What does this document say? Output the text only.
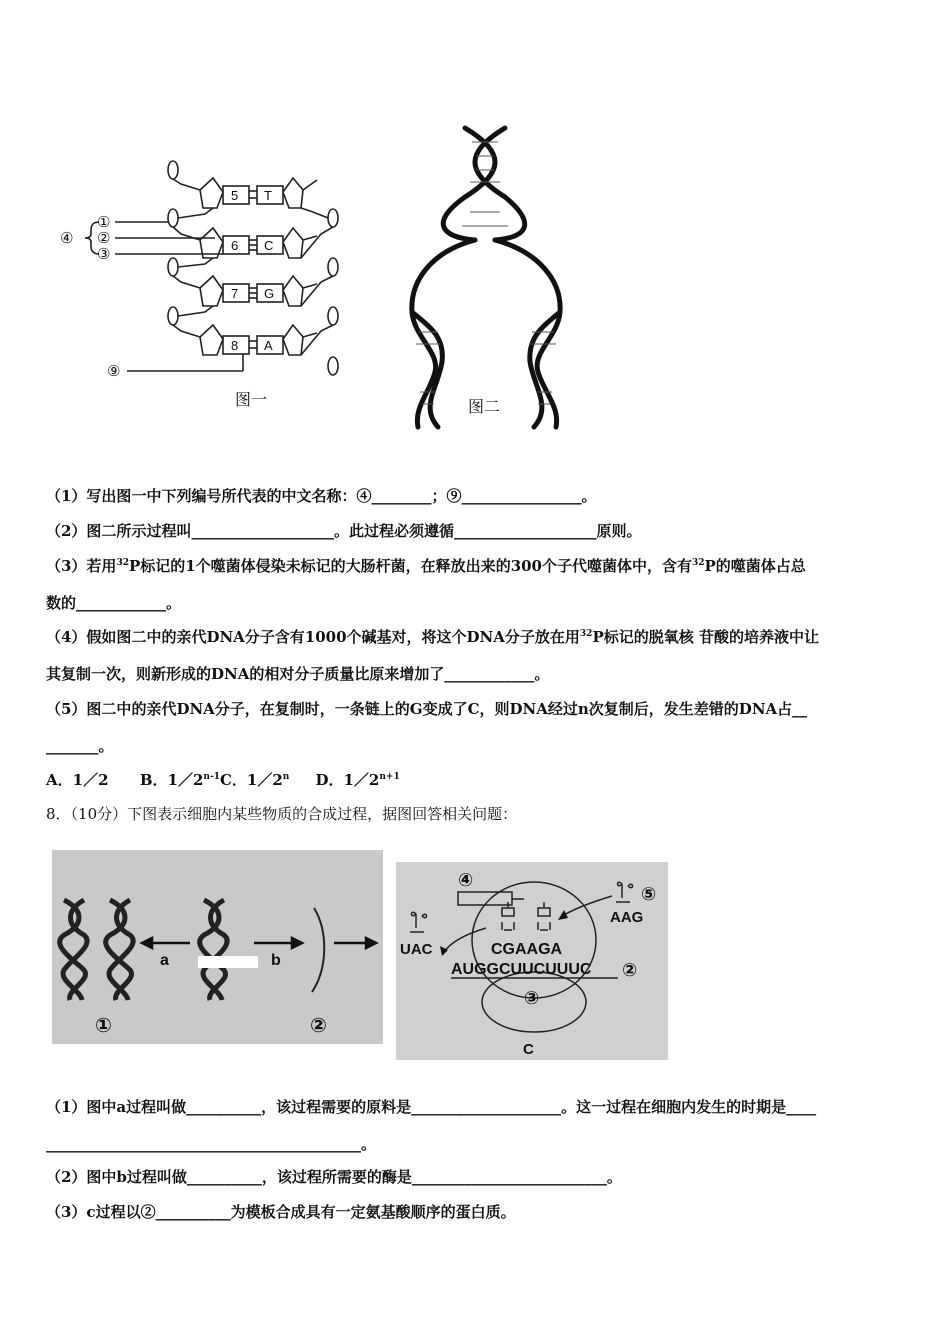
5 T
6 C
7 G
8 A
④
①
②
③
⑨
图一	图二
（1）写出图一中下列编号所代表的中文名称：④________；⑨________________。
（2）图二所示过程叫___________________。此过程必须遵循___________________原则。
（3）若用$^{32}$P标记的1个噬菌体侵染未标记的大肠杆菌，在释放出来的300个子代噬菌体中，含有$^{32}$P的噬菌体占总
数的____________。
（4）假如图二中的亲代DNA分子含有1000个碱基对，将这个DNA分子放在用$^{32}$P标记的脱氧核 苷酸的培养液中让
其复制一次，则新形成的DNA的相对分子质量比原来增加了____________。
（5）图二中的亲代DNA分子，在复制时，一条链上的G变成了C，则DNA经过n次复制后，发生差错的DNA占__
_______。
A．1／2 B．1／2$^{n-1}$C．1／2$^n$ D．$1/2^{n+1}$
8．（10分）下图表示细胞内某些物质的合成过程，据图回答相关问题：
a	b
①	②
④
⑤
UAC
AAG
CGAAGA
AUGGCUUCUUUC ②
③
C
（1）图中a过程叫做__________，该过程需要的原料是____________________。这一过程在细胞内发生的时期是____
__________________________________________。
（2）图中b过程叫做__________，该过程所需要的酶是__________________________。
（3）c过程以②__________为模板合成具有一定氨基酸顺序的蛋白质。
